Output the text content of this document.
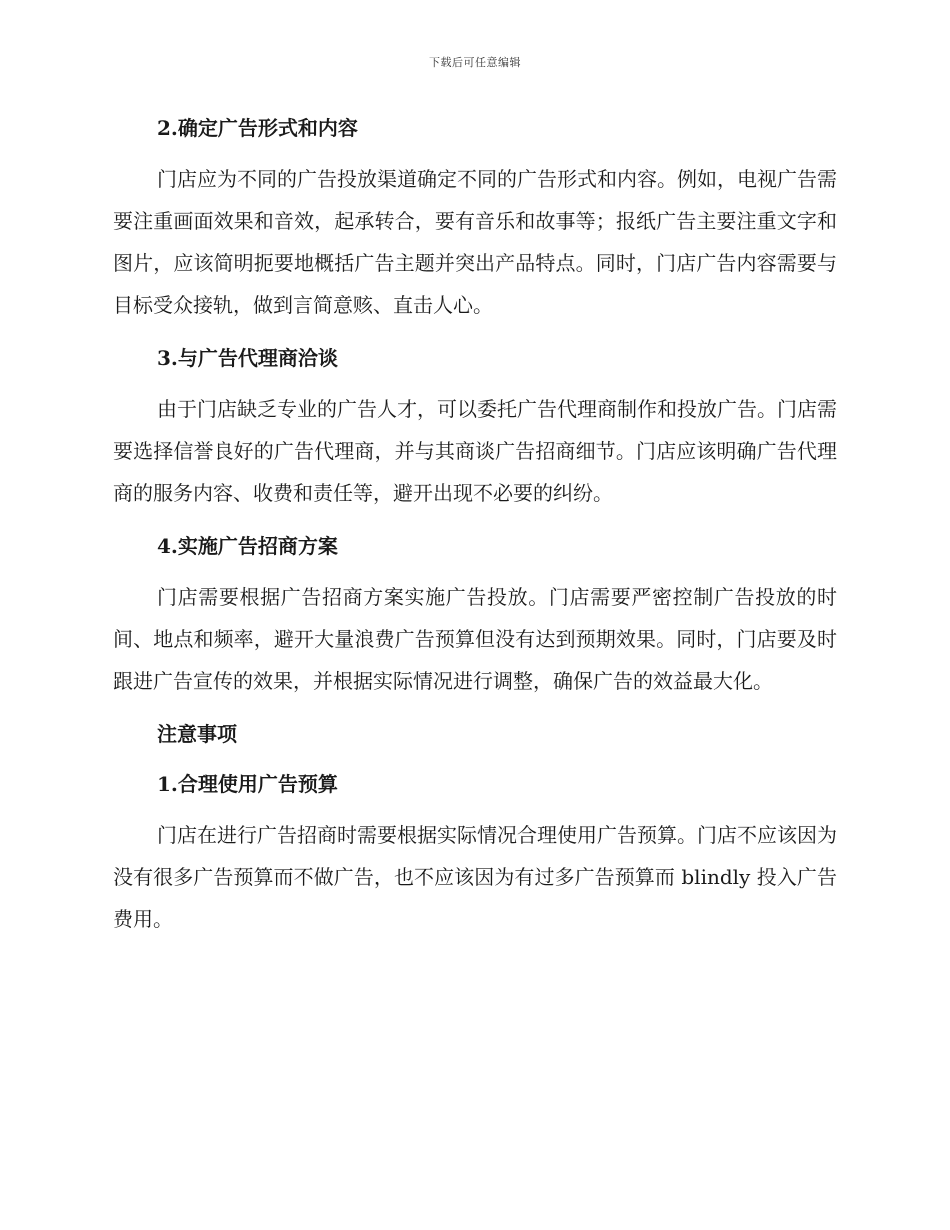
下载后可任意编辑
2.确定广告形式和内容

门店应为不同的广告投放渠道确定不同的广告形式和内容。例如，电视广告需要注重画面效果和音效，起承转合，要有音乐和故事等；报纸广告主要注重文字和图片，应该简明扼要地概括广告主题并突出产品特点。同时，门店广告内容需要与目标受众接轨，做到言简意赅、直击人心。

3.与广告代理商洽谈

由于门店缺乏专业的广告人才，可以委托广告代理商制作和投放广告。门店需要选择信誉良好的广告代理商，并与其商谈广告招商细节。门店应该明确广告代理商的服务内容、收费和责任等，避开出现不必要的纠纷。

4.实施广告招商方案

门店需要根据广告招商方案实施广告投放。门店需要严密控制广告投放的时间、地点和频率，避开大量浪费广告预算但没有达到预期效果。同时，门店要及时跟进广告宣传的效果，并根据实际情况进行调整，确保广告的效益最大化。

注意事项
1.合理使用广告预算

门店在进行广告招商时需要根据实际情况合理使用广告预算。门店不应该因为没有很多广告预算而不做广告，也不应该因为有过多广告预算而 blindly 投入广告费用。
